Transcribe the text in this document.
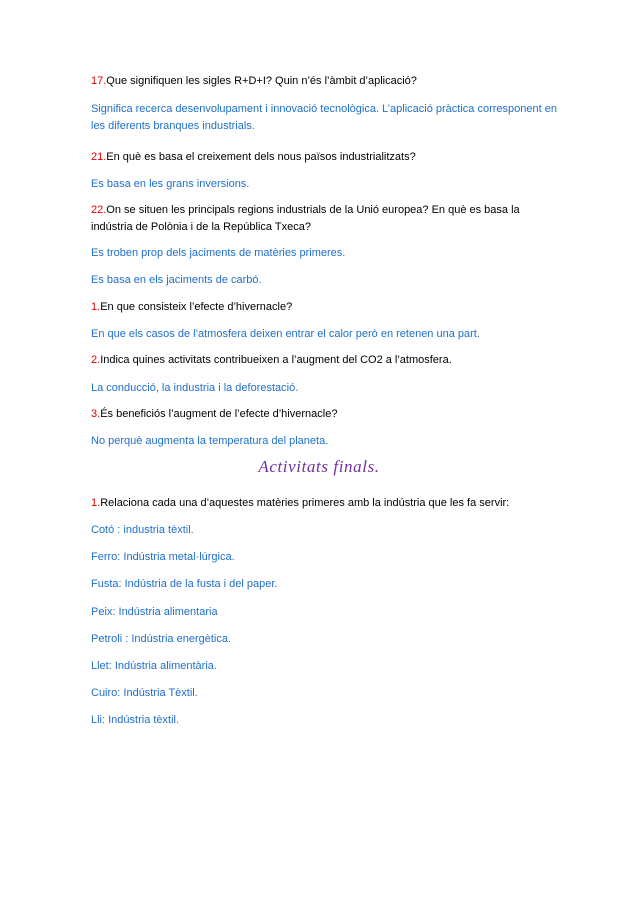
17.Que signifiquen les sigles R+D+I? Quin n’és l’àmbit d’aplicació?
Significa recerca desenvolupament i innovació tecnològica. L’aplicació pràctica corresponent en les diferents branques industrials.
21.En què es basa el creixement dels nous països industrialitzats?
Es basa en les grans inversions.
22.On se situen les principals regions industrials de la Unió europea? En què es basa la indústria de Polònia i de la República Txeca?
Es troben prop dels jaciments de matèries primeres.
Es basa en els jaciments de carbó.
1.En que consisteix l’efecte d’hivernacle?
En que els casos de l’atmosfera deixen entrar el calor però en retenen una part.
2.Indica quines activitats contribueixen a l’augment del CO2 a l’atmosfera.
La conducció, la industria i la deforestació.
3.És beneficiós l’augment de l’efecte d’hivernacle?
No perquè augmenta la temperatura del planeta.
Activitats finals.
1.Relaciona cada una d’aquestes matèries primeres amb la indústria que les fa servir:
Cotó : industria tèxtil.
Ferro: Indústria metal·lúrgica.
Fusta: Indústria de la fusta i del paper.
Peix: Indústria alimentaria
Petroli : Indústria energètica.
Llet: Indústria alimentària.
Cuiro: Indústria Tèxtil.
Lli: Indústria tèxtil.
